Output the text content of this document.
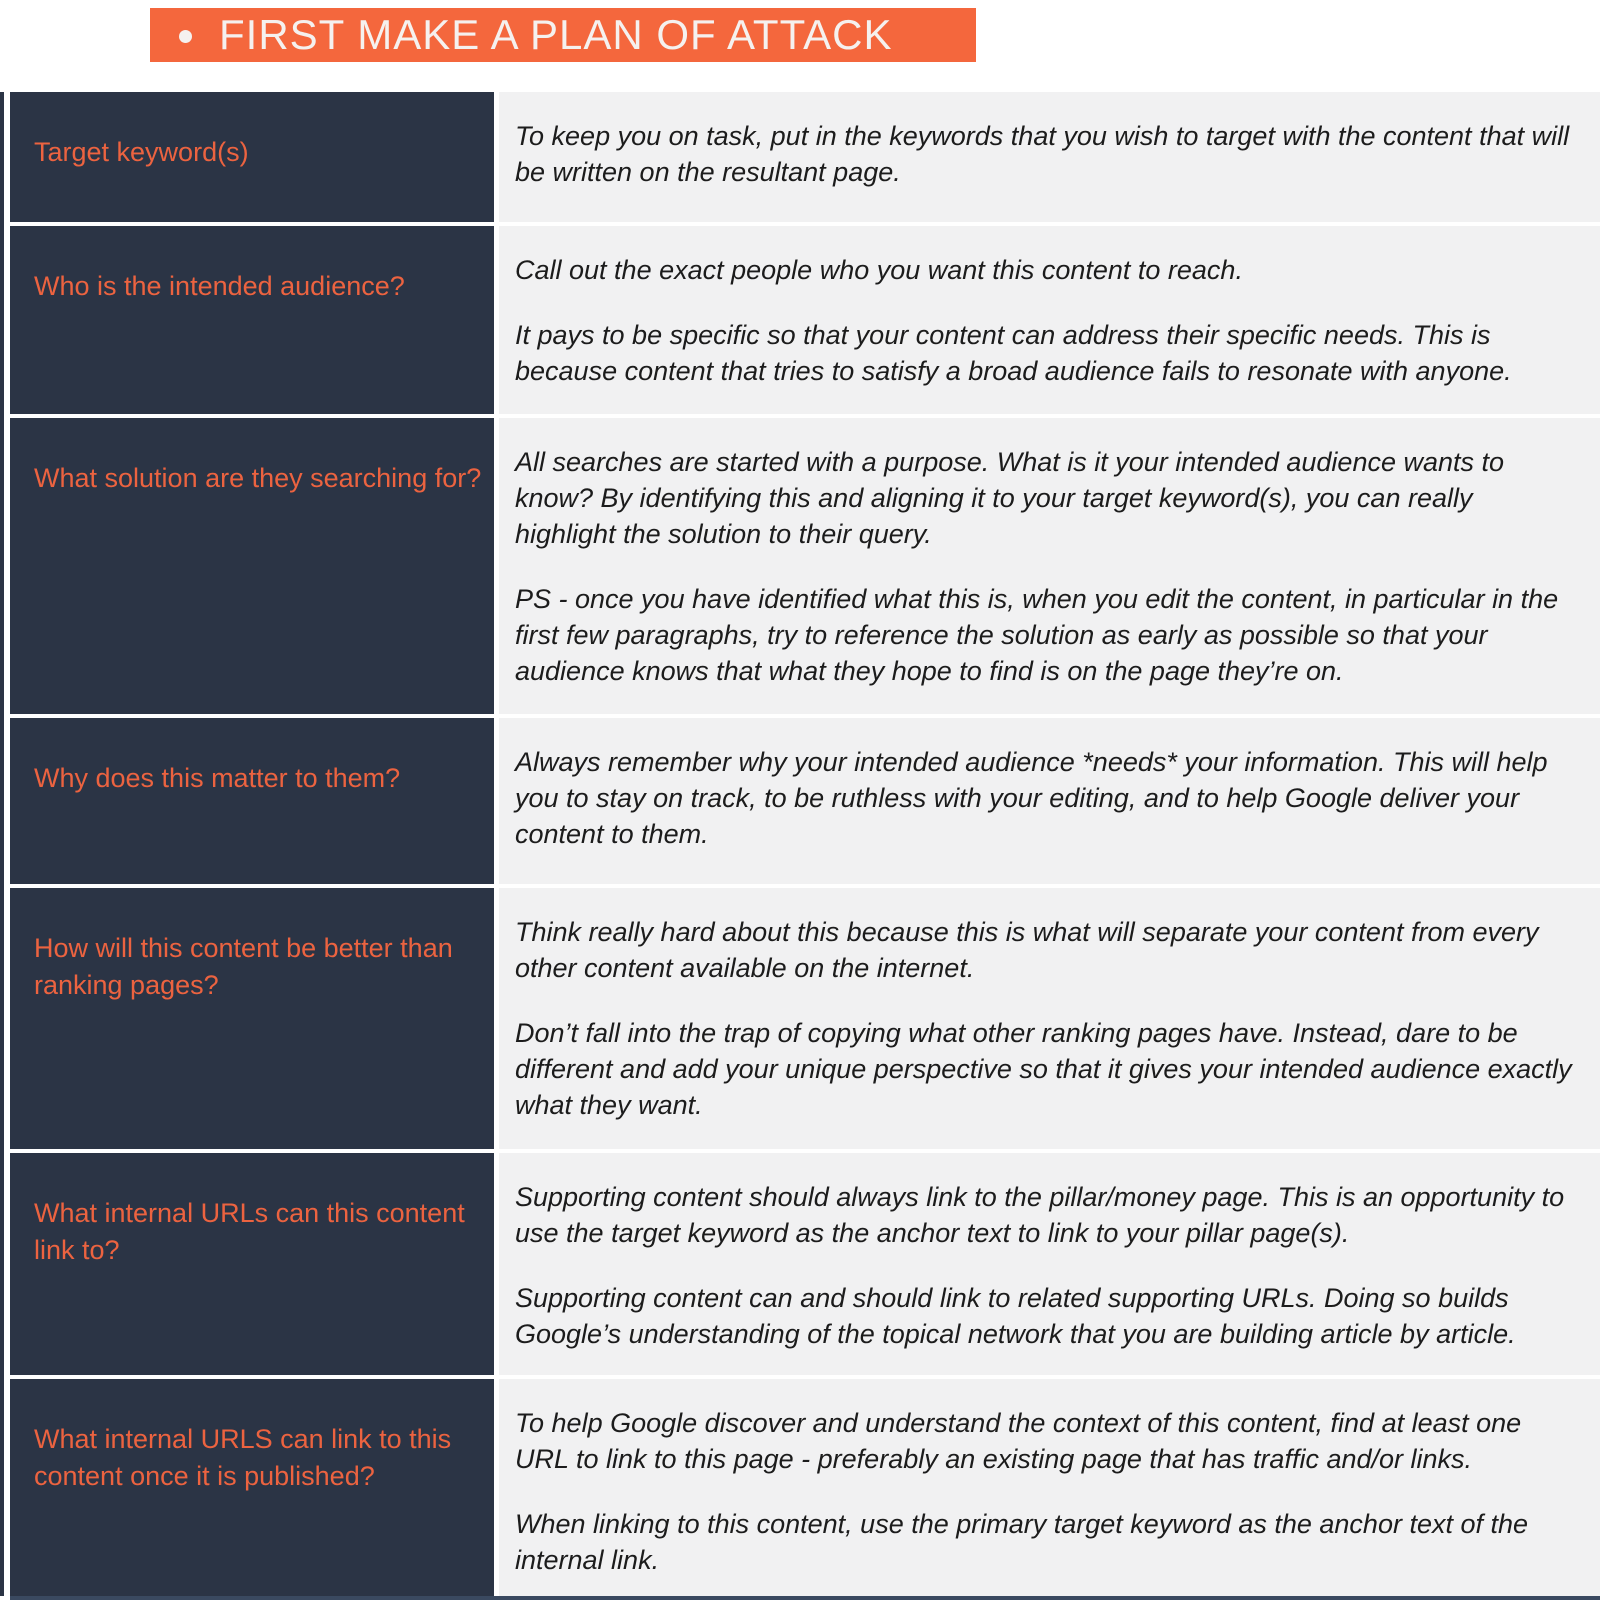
FIRST MAKE A PLAN OF ATTACK
Target keyword(s)

To keep you on task, put in the keywords that you wish to target with the content that will be written on the resultant page.

Who is the intended audience?

Call out the exact people who you want this content to reach.

It pays to be specific so that your content can address their specific needs. This is because content that tries to satisfy a broad audience fails to resonate with anyone.

What solution are they searching for?

All searches are started with a purpose. What is it your intended audience wants to know? By identifying this and aligning it to your target keyword(s), you can really highlight the solution to their query.

PS - once you have identified what this is, when you edit the content, in particular in the first few paragraphs, try to reference the solution as early as possible so that your audience knows that what they hope to find is on the page they’re on.

Why does this matter to them?

Always remember why your intended audience *needs* your information. This will help you to stay on track, to be ruthless with your editing, and to help Google deliver your content to them.

How will this content be better than ranking pages?

Think really hard about this because this is what will separate your content from every other content available on the internet.

Don’t fall into the trap of copying what other ranking pages have. Instead, dare to be different and add your unique perspective so that it gives your intended audience exactly what they want.

What internal URLs can this content link to?

Supporting content should always link to the pillar/money page. This is an opportunity to use the target keyword as the anchor text to link to your pillar page(s).

Supporting content can and should link to related supporting URLs. Doing so builds Google’s understanding of the topical network that you are building article by article.

What internal URLS can link to this content once it is published?

To help Google discover and understand the context of this content, find at least one URL to link to this page - preferably an existing page that has traffic and/or links.

When linking to this content, use the primary target keyword as the anchor text of the internal link.
